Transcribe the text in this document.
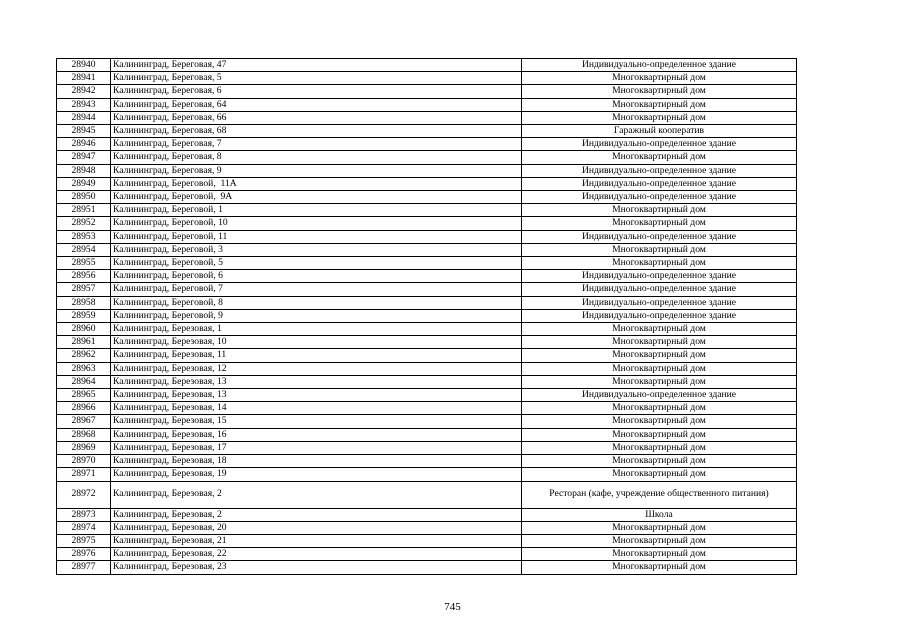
28940	Калининград, Береговая, 47	Индивидуально-определенное здание
28941	Калининград, Береговая, 5	Многоквартирный дом
28942	Калининград, Береговая, 6	Многоквартирный дом
28943	Калининград, Береговая, 64	Многоквартирный дом
28944	Калининград, Береговая, 66	Многоквартирный дом
28945	Калининград, Береговая, 68	Гаражный кооператив
28946	Калининград, Береговая, 7	Индивидуально-определенное здание
28947	Калининград, Береговая, 8	Многоквартирный дом
28948	Калининград, Береговая, 9	Индивидуально-определенное здание
28949	Калининград, Береговой,  11А	Индивидуально-определенное здание
28950	Калининград, Береговой,  9А	Индивидуально-определенное здание
28951	Калининград, Береговой, 1	Многоквартирный дом
28952	Калининград, Береговой, 10	Многоквартирный дом
28953	Калининград, Береговой, 11	Индивидуально-определенное здание
28954	Калининград, Береговой, 3	Многоквартирный дом
28955	Калининград, Береговой, 5	Многоквартирный дом
28956	Калининград, Береговой, 6	Индивидуально-определенное здание
28957	Калининград, Береговой, 7	Индивидуально-определенное здание
28958	Калининград, Береговой, 8	Индивидуально-определенное здание
28959	Калининград, Береговой, 9	Индивидуально-определенное здание
28960	Калининград, Березовая, 1	Многоквартирный дом
28961	Калининград, Березовая, 10	Многоквартирный дом
28962	Калининград, Березовая, 11	Многоквартирный дом
28963	Калининград, Березовая, 12	Многоквартирный дом
28964	Калининград, Березовая, 13	Многоквартирный дом
28965	Калининград, Березовая, 13	Индивидуально-определенное здание
28966	Калининград, Березовая, 14	Многоквартирный дом
28967	Калининград, Березовая, 15	Многоквартирный дом
28968	Калининград, Березовая, 16	Многоквартирный дом
28969	Калининград, Березовая, 17	Многоквартирный дом
28970	Калининград, Березовая, 18	Многоквартирный дом
28971	Калининград, Березовая, 19	Многоквартирный дом
28972	Калининград, Березовая, 2	Ресторан (кафе, учреждение общественного питания)
28973	Калининград, Березовая, 2	Школа
28974	Калининград, Березовая, 20	Многоквартирный дом
28975	Калининград, Березовая, 21	Многоквартирный дом
28976	Калининград, Березовая, 22	Многоквартирный дом
28977	Калининград, Березовая, 23	Многоквартирный дом
745
